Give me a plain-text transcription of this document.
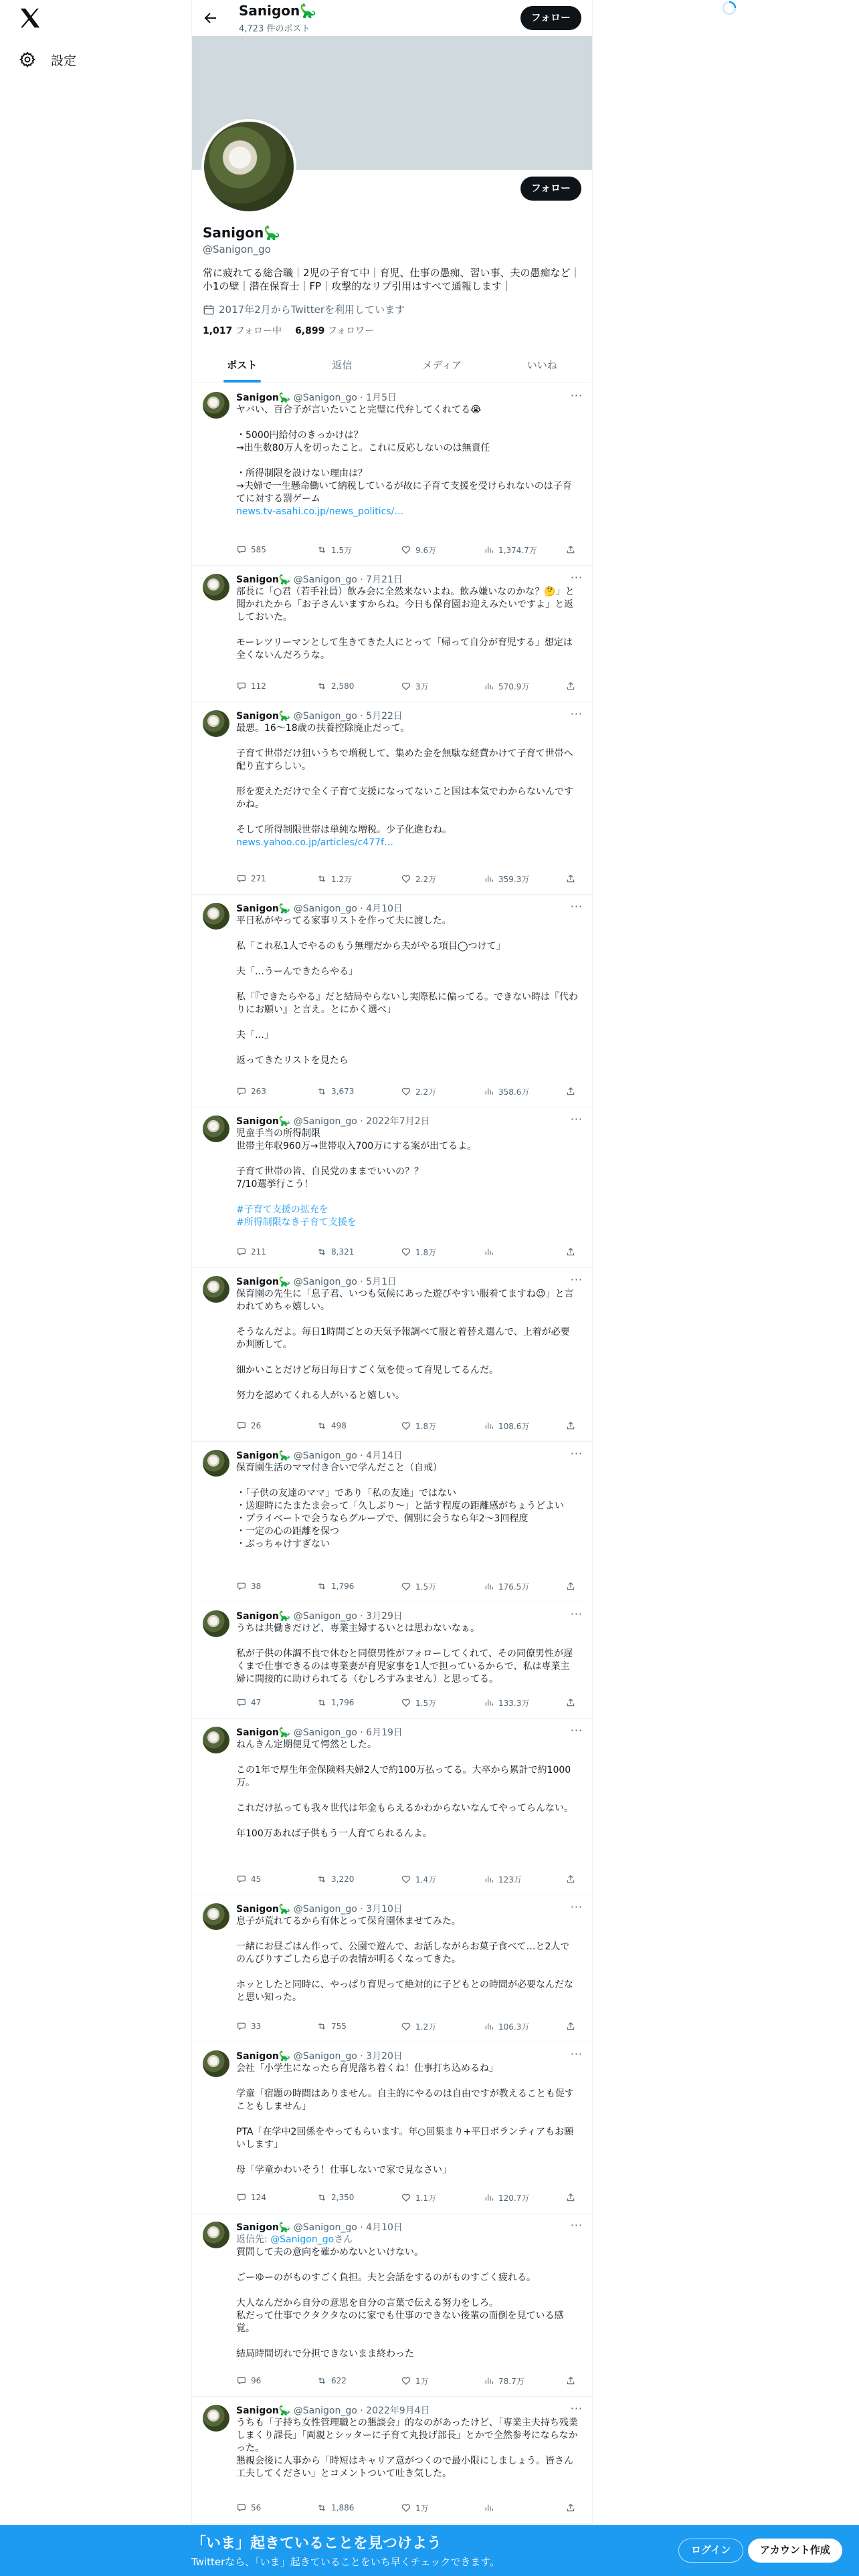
設定
Sanigon🦕
4,723 件のポスト
フォロー
フォロー
Sanigon🦕
@Sanigon_go
常に疲れてる総合職｜2児の子育て中｜育児、仕事の愚痴、習い事、夫の愚痴など｜小1の壁｜潜在保育士｜FP｜攻撃的なリプ引用はすべて通報します｜
2017年2月からTwitterを利用しています
1,017 フォロー中 6,899 フォロワー
ポスト	返信	メディア	いいね
Sanigon🦕 @Sanigon_go · 1月5日	···
ヤバい、百合子が言いたいこと完璧に代弁してくれてる😭
・5000円給付のきっかけは？
→出生数80万人を切ったこと。これに反応しないのは無責任
・所得制限を設けない理由は？
→夫婦で一生懸命働いて納税しているが故に子育て支援を受けられないのは子育てに対する罰ゲーム
news.tv-asahi.co.jp/news_politics/…
585	1.5万	9.6万	1,374.7万
Sanigon🦕 @Sanigon_go · 7月21日	···
部長に「○君（若手社員）飲み会に全然来ないよね。飲み嫌いなのかな？🤔」と聞かれたから「お子さんいますからね。今日も保育園お迎えみたいですよ」と返しておいた。
モーレツリーマンとして生きてきた人にとって「帰って自分が育児する」想定は全くないんだろうな。
112	2,580	3万	570.9万
Sanigon🦕 @Sanigon_go · 5月22日	···
最悪。16〜18歳の扶養控除廃止だって。
子育て世帯だけ狙いうちで増税して、集めた金を無駄な経費かけて子育て世帯へ配り直すらしい。
形を変えただけで全く子育て支援になってないこと国は本気でわからないんですかね。
そして所得制限世帯は単純な増税。少子化進むね。
news.yahoo.co.jp/articles/c477f…
271	1.2万	2.2万	359.3万
Sanigon🦕 @Sanigon_go · 4月10日	···
平日私がやってる家事リストを作って夫に渡した。
私「これ私1人でやるのもう無理だから夫がやる項目◯つけて」
夫「…うーんできたらやる」
私「『できたらやる』だと結局やらないし実際私に偏ってる。できない時は『代わりにお願い』と言え。とにかく選べ」
夫「…」
返ってきたリストを見たら
263	3,673	2.2万	358.6万
Sanigon🦕 @Sanigon_go · 2022年7月2日	···
児童手当の所得制限
世帯主年収960万→世帯収入700万にする案が出てるよ。
子育て世帯の皆、自民党のままでいいの？？
7/10選挙行こう！
#子育て支援の拡充を
#所得制限なき子育て支援を
211	8,321	1.8万
Sanigon🦕 @Sanigon_go · 5月1日	···
保育園の先生に「息子君、いつも気候にあった遊びやすい服着てますね😉」と言われてめちゃ嬉しい。
そうなんだよ。毎日1時間ごとの天気予報調べて服と着替え選んで、上着が必要か判断して。
細かいことだけど毎日毎日すごく気を使って育児してるんだ。
努力を認めてくれる人がいると嬉しい。
26	498	1.8万	108.6万
Sanigon🦕 @Sanigon_go · 4月14日	···
保育園生活のママ付き合いで学んだこと（自戒）
・「子供の友達のママ」であり「私の友達」ではない
・送迎時にたまたま会って「久しぶり〜」と話す程度の距離感がちょうどよい
・プライベートで会うならグループで、個別に会うなら年2〜3回程度
・一定の心の距離を保つ
・ぶっちゃけすぎない
38	1,796	1.5万	176.5万
Sanigon🦕 @Sanigon_go · 3月29日	···
うちは共働きだけど、専業主婦するいとは思わないなぁ。
私が子供の体調不良で休むと同僚男性がフォローしてくれて、その同僚男性が遅くまで仕事できるのは専業妻が育児家事を1人で担っているからで、私は専業主婦に間接的に助けられてる（むしろすみません）と思ってる。
47	1,796	1.5万	133.3万
Sanigon🦕 @Sanigon_go · 6月19日	···
ねんきん定期便見て愕然とした。
この1年で厚生年金保険料夫婦2人で約100万払ってる。大卒から累計で約1000万。
これだけ払っても我々世代は年金もらえるかわからないなんてやってらんない。
年100万あれば子供もう一人育てられるんよ。
45	3,220	1.4万	123万
Sanigon🦕 @Sanigon_go · 3月10日	···
息子が荒れてるから有休とって保育園休ませてみた。
一緒にお昼ごはん作って、公園で遊んで、お話しながらお菓子食べて…と2人でのんびりすごしたら息子の表情が明るくなってきた。
ホッとしたと同時に、やっぱり育児って絶対的に子どもとの時間が必要なんだなと思い知った。
33	755	1.2万	106.3万
Sanigon🦕 @Sanigon_go · 3月20日	···
会社「小学生になったら育児落ち着くね！仕事打ち込めるね」
学童「宿題の時間はありません。自主的にやるのは自由ですが教えることも促すこともしません」
PTA「在学中2回係をやってもらいます。年○回集まり+平日ボランティアもお願いします」
母「学童かわいそう！仕事しないで家で見なさい」
124	2,350	1.1万	120.7万
Sanigon🦕 @Sanigon_go · 4月10日	···
返信先: @Sanigon_goさん
質問して夫の意向を確かめないといけない。
ごーゆーのがものすごく負担。夫と会話をするのがものすごく疲れる。
大人なんだから自分の意思を自分の言葉で伝える努力をしろ。
私だって仕事でクタクタなのに家でも仕事のできない後輩の面倒を見ている感覚。
結局時間切れで分担できないまま終わった
96	622	1万	78.7万
Sanigon🦕 @Sanigon_go · 2022年9月4日	···
うちも「子持ち女性管理職との懇談会」的なのがあったけど、「専業主夫持ち残業しまくり課長」「両親とシッターに子育て丸投げ部長」とかで全然参考にならなかった。
懇親会後に人事から「時短はキャリア意がつくので最小限にしましょう。皆さん工夫してください」とコメントついて吐き気した。
56	1,886	1万
「いま」起きていることを見つけよう
Twitterなら、「いま」起きていることをいち早くチェックできます。
ログイン	アカウント作成
